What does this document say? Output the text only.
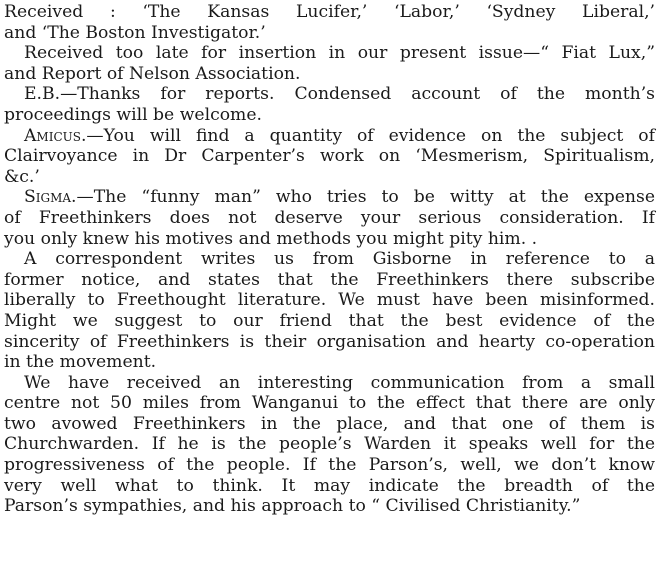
Received : ‘The Kansas Lucifer,’ ‘Labor,’ ‘Sydney Liberal,’
and ‘The Boston Investigator.’
Received too late for insertion in our present issue—“ Fiat Lux,”
and Report of Nelson Association.
E.B.—Thanks for reports. Condensed account of the month’s
proceedings will be welcome.
Amicus.—You will find a quantity of evidence on the subject of
Clairvoyance in Dr Carpenter’s work on ‘Mesmerism, Spiritualism,
&c.’
Sigma.—The “funny man” who tries to be witty at the expense
of Freethinkers does not deserve your serious consideration. If
you only knew his motives and methods you might pity him. .
A correspondent writes us from Gisborne in reference to a
former notice, and states that the Freethinkers there subscribe
liberally to Freethought literature. We must have been misinformed.
Might we suggest to our friend that the best evidence of the
sincerity of Freethinkers is their organisation and hearty co-operation
in the movement.
We have received an interesting communication from a small
centre not 50 miles from Wanganui to the effect that there are only
two avowed Freethinkers in the place, and that one of them is
Churchwarden. If he is the people’s Warden it speaks well for the
progressiveness of the people. If the Parson’s, well, we don’t know
very well what to think. It may indicate the breadth of the
Parson’s sympathies, and his approach to “ Civilised Christianity.”
